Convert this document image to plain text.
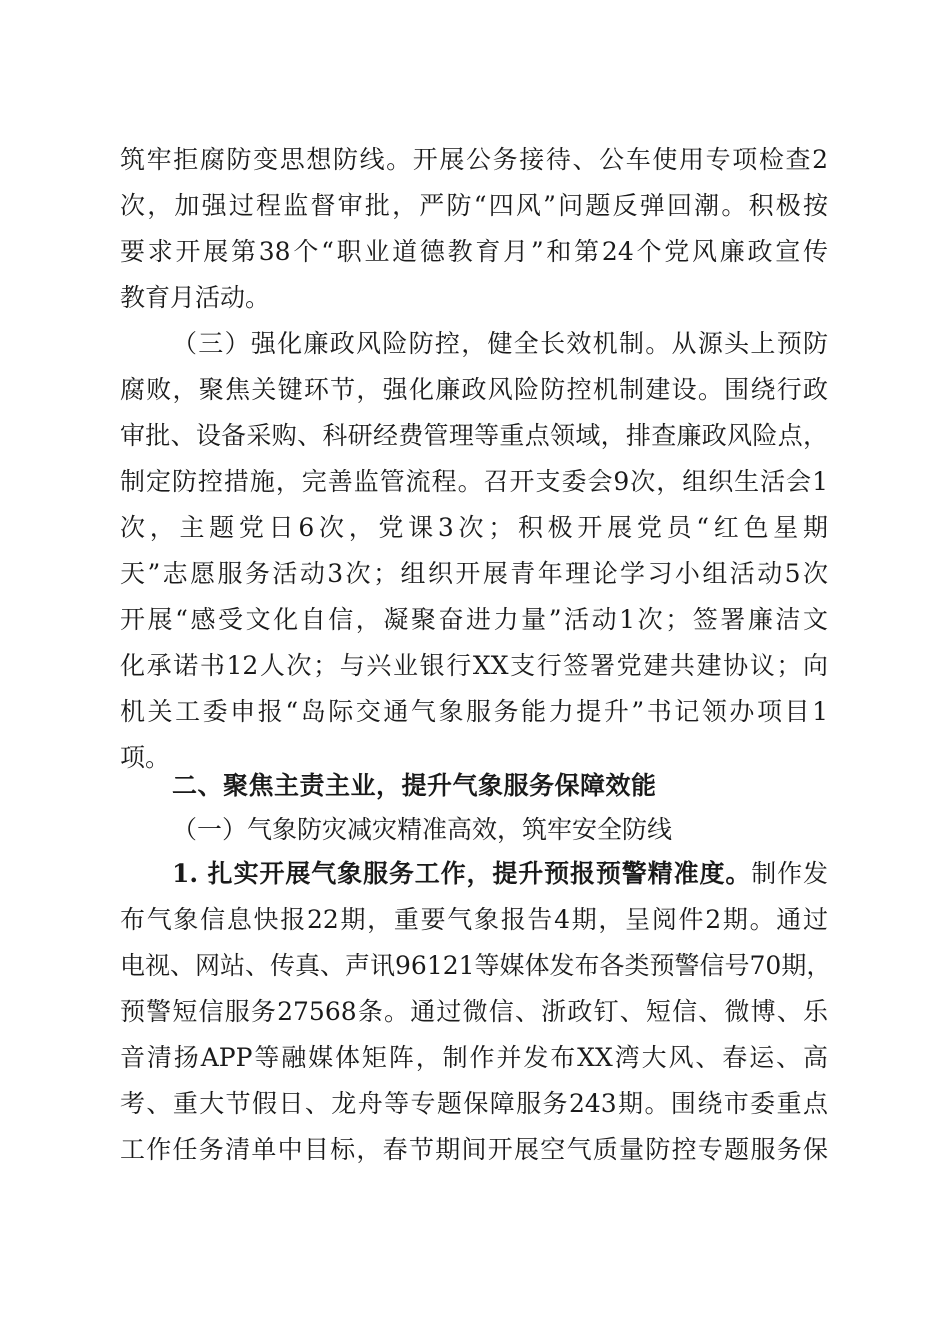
筑牢拒腐防变思想防线。开展公务接待、公车使用专项检查2
次，加强过程监督审批，严防“四风”问题反弹回潮。积极按
要求开展第38个“职业道德教育月”和第24个党风廉政宣传
教育月活动。
（三）强化廉政风险防控，健全长效机制。从源头上预防
腐败，聚焦关键环节，强化廉政风险防控机制建设。围绕行政
审批、设备采购、科研经费管理等重点领域，排查廉政风险点，
制定防控措施，完善监管流程。召开支委会9次，组织生活会1
次，主题党日6次，党课3次；积极开展党员“红色星期
天”志愿服务活动3次；组织开展青年理论学习小组活动5次
开展“感受文化自信，凝聚奋进力量”活动1次；签署廉洁文
化承诺书12人次；与兴业银行XX支行签署党建共建协议；向
机关工委申报“岛际交通气象服务能力提升”书记领办项目1
项。
二、聚焦主责主业，提升气象服务保障效能
（一）气象防灾减灾精准高效，筑牢安全防线
1. 扎实开展气象服务工作，提升预报预警精准度。制作发
布气象信息快报22期，重要气象报告4期，呈阅件2期。通过
电视、网站、传真、声讯96121等媒体发布各类预警信号70期，
预警短信服务27568条。通过微信、浙政钉、短信、微博、乐
音清扬APP等融媒体矩阵，制作并发布XX湾大风、春运、高
考、重大节假日、龙舟等专题保障服务243期。围绕市委重点
工作任务清单中目标，春节期间开展空气质量防控专题服务保
